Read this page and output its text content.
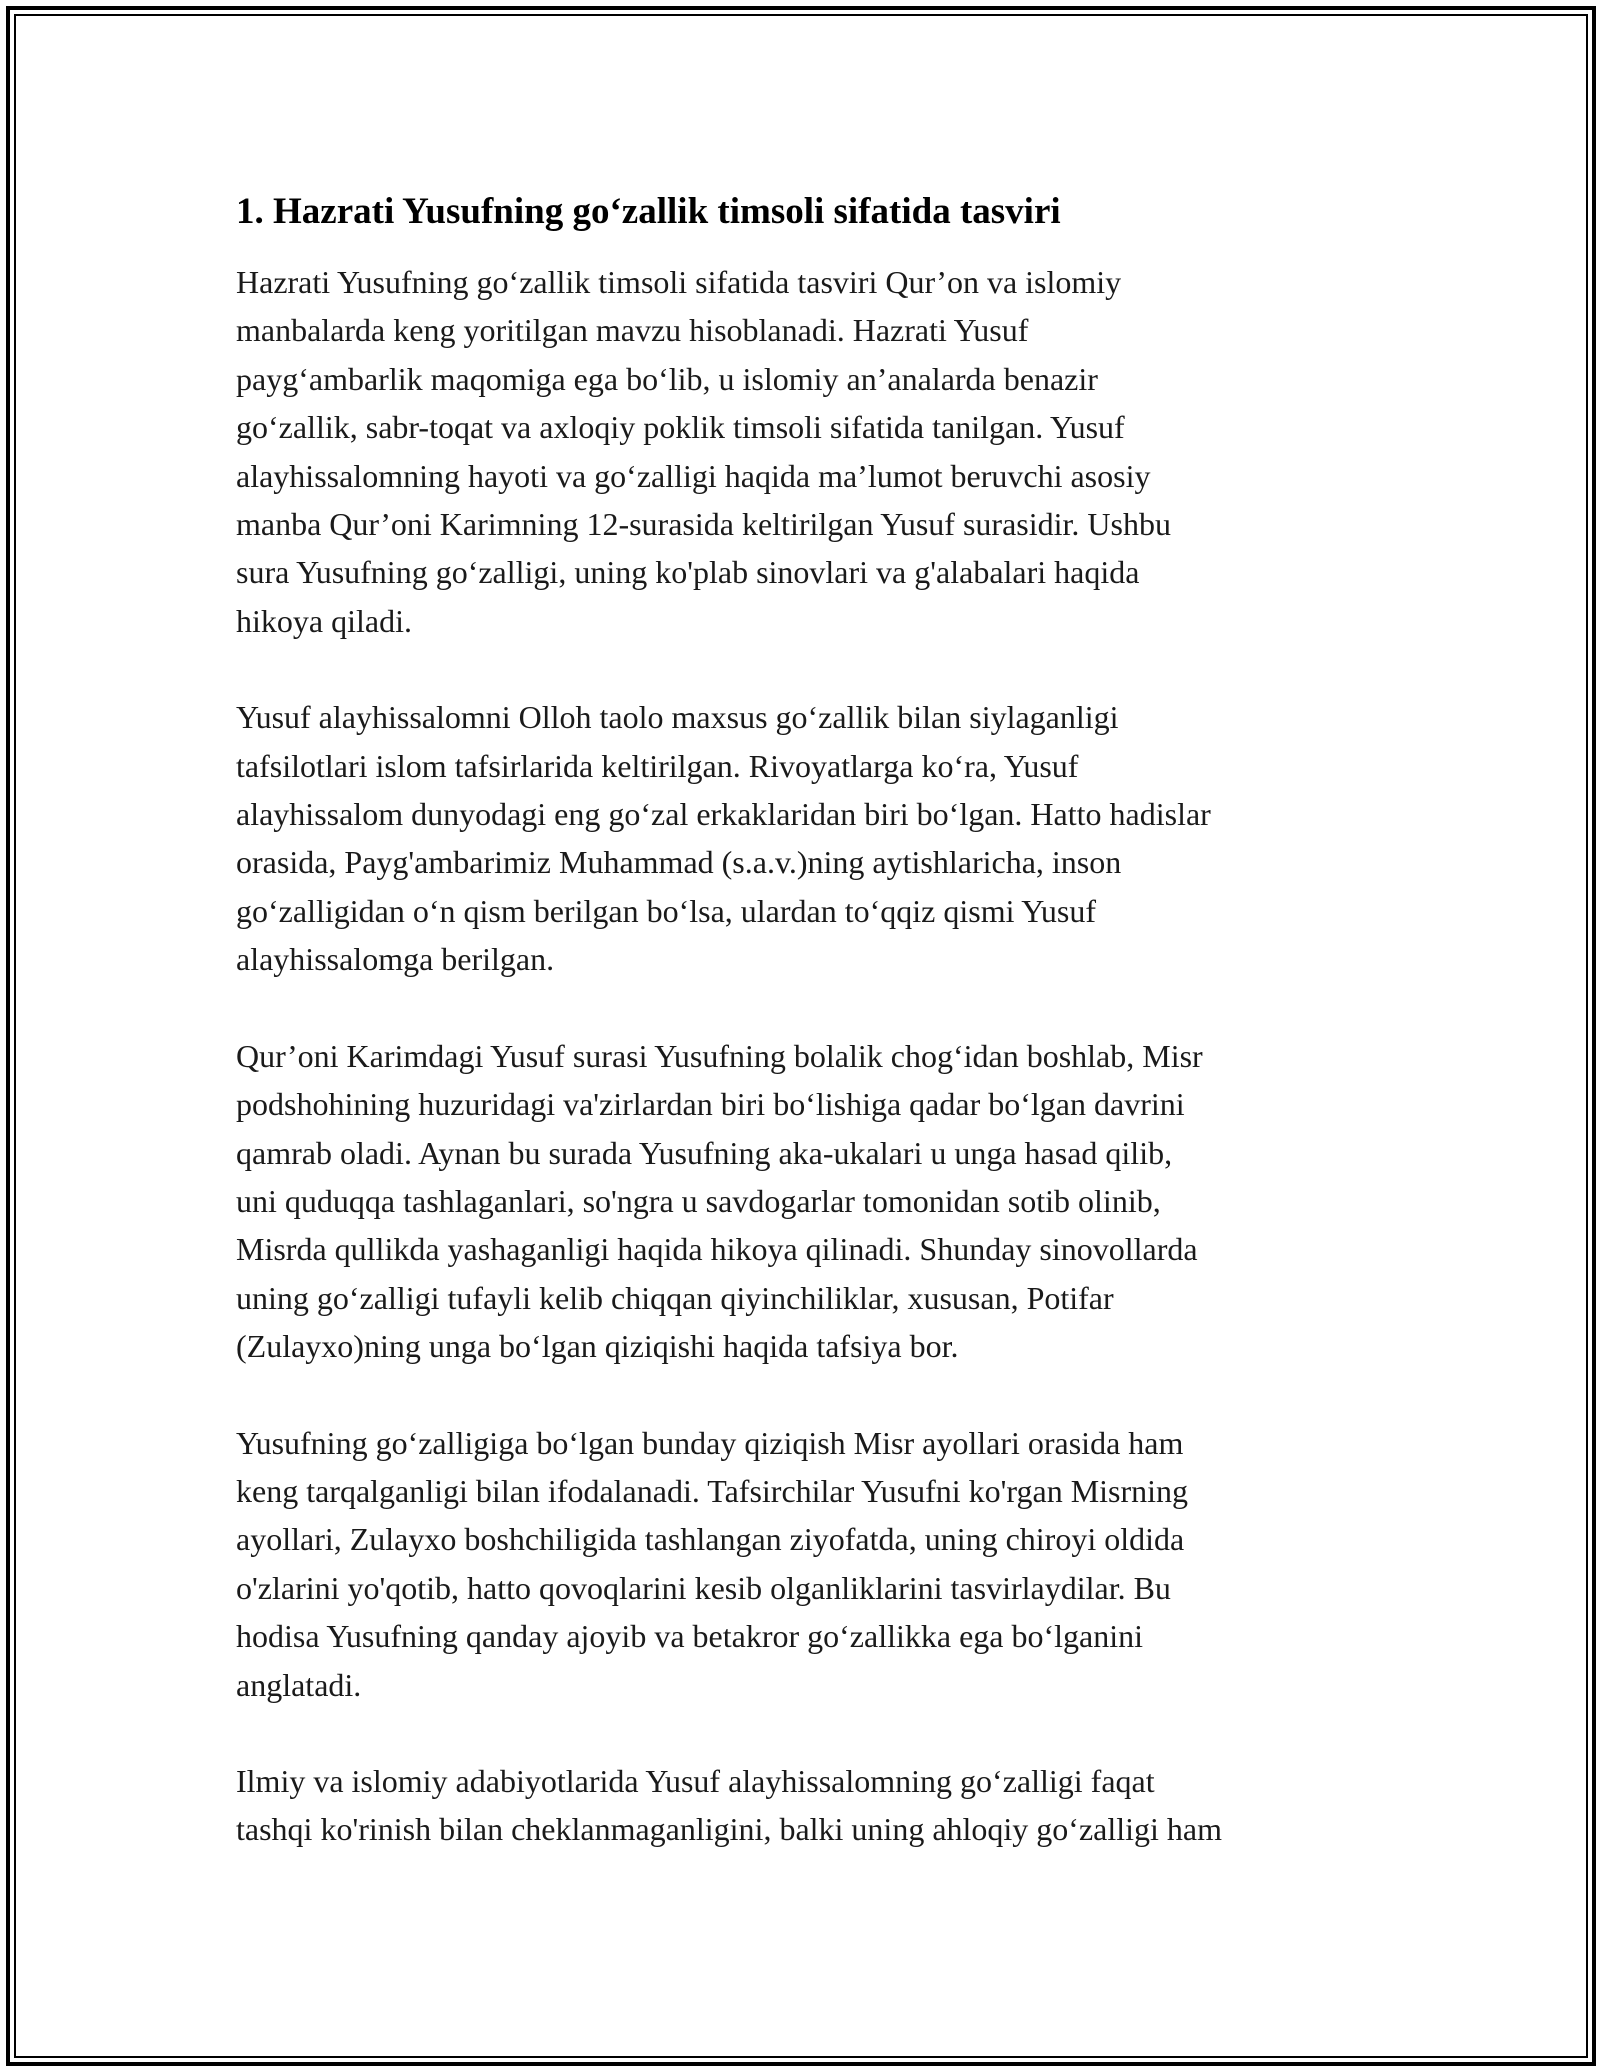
1. Hazrati Yusufning go‘zallik timsoli sifatida tasviri

Hazrati Yusufning go‘zallik timsoli sifatida tasviri Qur’on va islomiy
manbalarda keng yoritilgan mavzu hisoblanadi. Hazrati Yusuf
payg‘ambarlik maqomiga ega bo‘lib, u islomiy an’analarda benazir
go‘zallik, sabr-toqat va axloqiy poklik timsoli sifatida tanilgan. Yusuf
alayhissalomning hayoti va go‘zalligi haqida ma’lumot beruvchi asosiy
manba Qur’oni Karimning 12-surasida keltirilgan Yusuf surasidir. Ushbu
sura Yusufning go‘zalligi, uning ko'plab sinovlari va g'alabalari haqida
hikoya qiladi.

Yusuf alayhissalomni Olloh taolo maxsus go‘zallik bilan siylaganligi
tafsilotlari islom tafsirlarida keltirilgan. Rivoyatlarga ko‘ra, Yusuf
alayhissalom dunyodagi eng go‘zal erkaklaridan biri bo‘lgan. Hatto hadislar
orasida, Payg'ambarimiz Muhammad (s.a.v.)ning aytishlaricha, inson
go‘zalligidan o‘n qism berilgan bo‘lsa, ulardan to‘qqiz qismi Yusuf
alayhissalomga berilgan.

Qur’oni Karimdagi Yusuf surasi Yusufning bolalik chog‘idan boshlab, Misr
podshohining huzuridagi va'zirlardan biri bo‘lishiga qadar bo‘lgan davrini
qamrab oladi. Aynan bu surada Yusufning aka-ukalari u unga hasad qilib,
uni quduqqa tashlaganlari, so'ngra u savdogarlar tomonidan sotib olinib,
Misrda qullikda yashaganligi haqida hikoya qilinadi. Shunday sinovollarda
uning go‘zalligi tufayli kelib chiqqan qiyinchiliklar, xususan, Potifar
(Zulayxo)ning unga bo‘lgan qiziqishi haqida tafsiya bor.

Yusufning go‘zalligiga bo‘lgan bunday qiziqish Misr ayollari orasida ham
keng tarqalganligi bilan ifodalanadi. Tafsirchilar Yusufni ko'rgan Misrning
ayollari, Zulayxo boshchiligida tashlangan ziyofatda, uning chiroyi oldida
o'zlarini yo'qotib, hatto qovoqlarini kesib olganliklarini tasvirlaydilar. Bu
hodisa Yusufning qanday ajoyib va betakror go‘zallikka ega bo‘lganini
anglatadi.

Ilmiy va islomiy adabiyotlarida Yusuf alayhissalomning go‘zalligi faqat
tashqi ko'rinish bilan cheklanmaganligini, balki uning ahloqiy go‘zalligi ham
